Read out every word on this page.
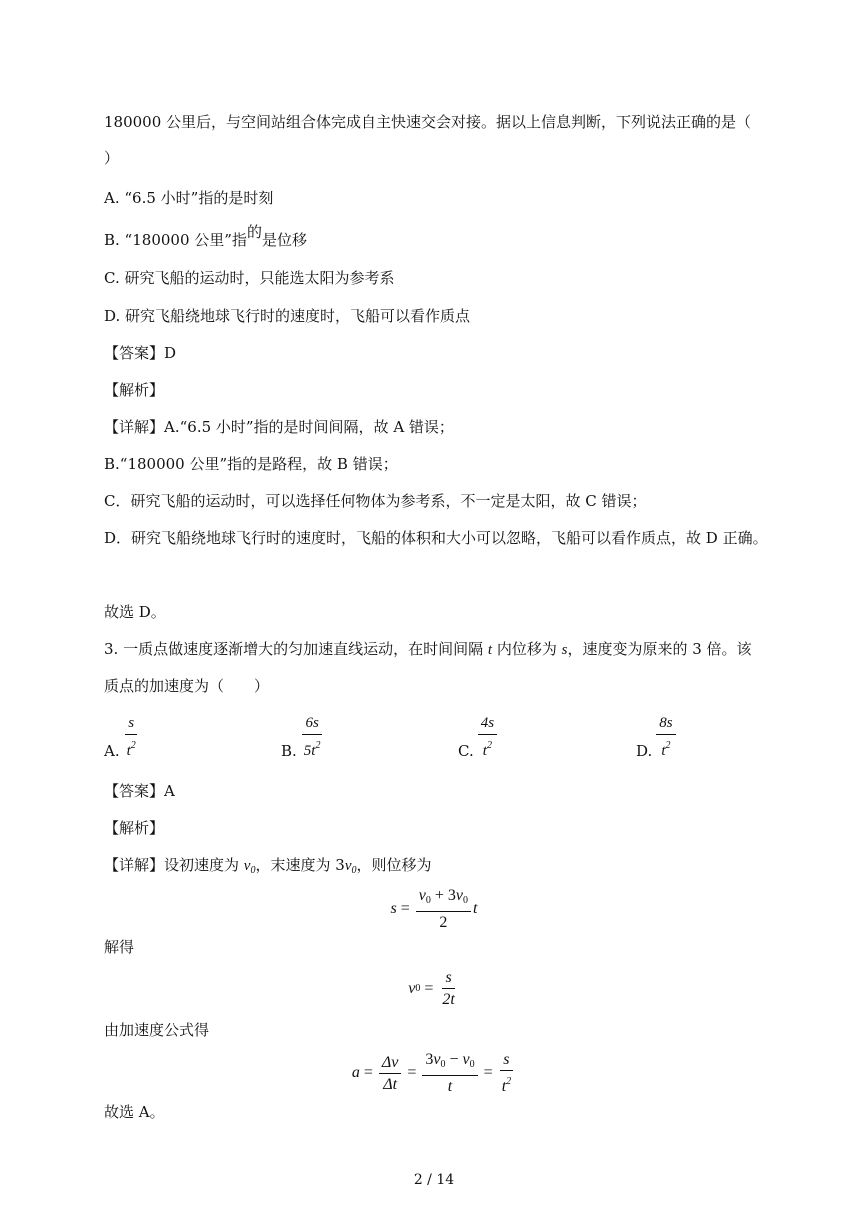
180000 公里后，与空间站组合体完成自主快速交会对接。据以上信息判断，下列说法正确的是（
）
A. “6.5 小时”指的是时刻
B. “180000 公里”指的是位移
C. 研究飞船的运动时，只能选太阳为参考系
D. 研究飞船绕地球飞行时的速度时，飞船可以看作质点
【答案】D
【解析】
【详解】A.“6.5 小时”指的是时间间隔，故 A 错误；
B.“180000 公里”指的是路程，故 B 错误；
C．研究飞船的运动时，可以选择任何物体为参考系，不一定是太阳，故 C 错误；
D．研究飞船绕地球飞行时的速度时，飞船的体积和大小可以忽略，飞船可以看作质点，故 D 正确。
故选 D。
3. 一质点做速度逐渐增大的匀加速直线运动，在时间间隔 t 内位移为 s，速度变为原来的 3 倍。该
质点的加速度为（　　）
A. $\frac{s}{t^2}$	B. $\frac{6s}{5t^2}$	C. $\frac{4s}{t^2}$	D. $\frac{8s}{t^2}$
【答案】A
【解析】
【详解】设初速度为 $v_0$，末速度为 $3v_0$，则位移为
$s = \frac{v_0 + 3v_0}{2}$ t
解得
v $0 = \frac{s}{2t}$
由加速度公式得
$a = \frac{\Delta v}{\Delta t} = \frac{3v_0 - v_0}{t} = \frac{s}{t^2}$
故选 A。
2 / 14
